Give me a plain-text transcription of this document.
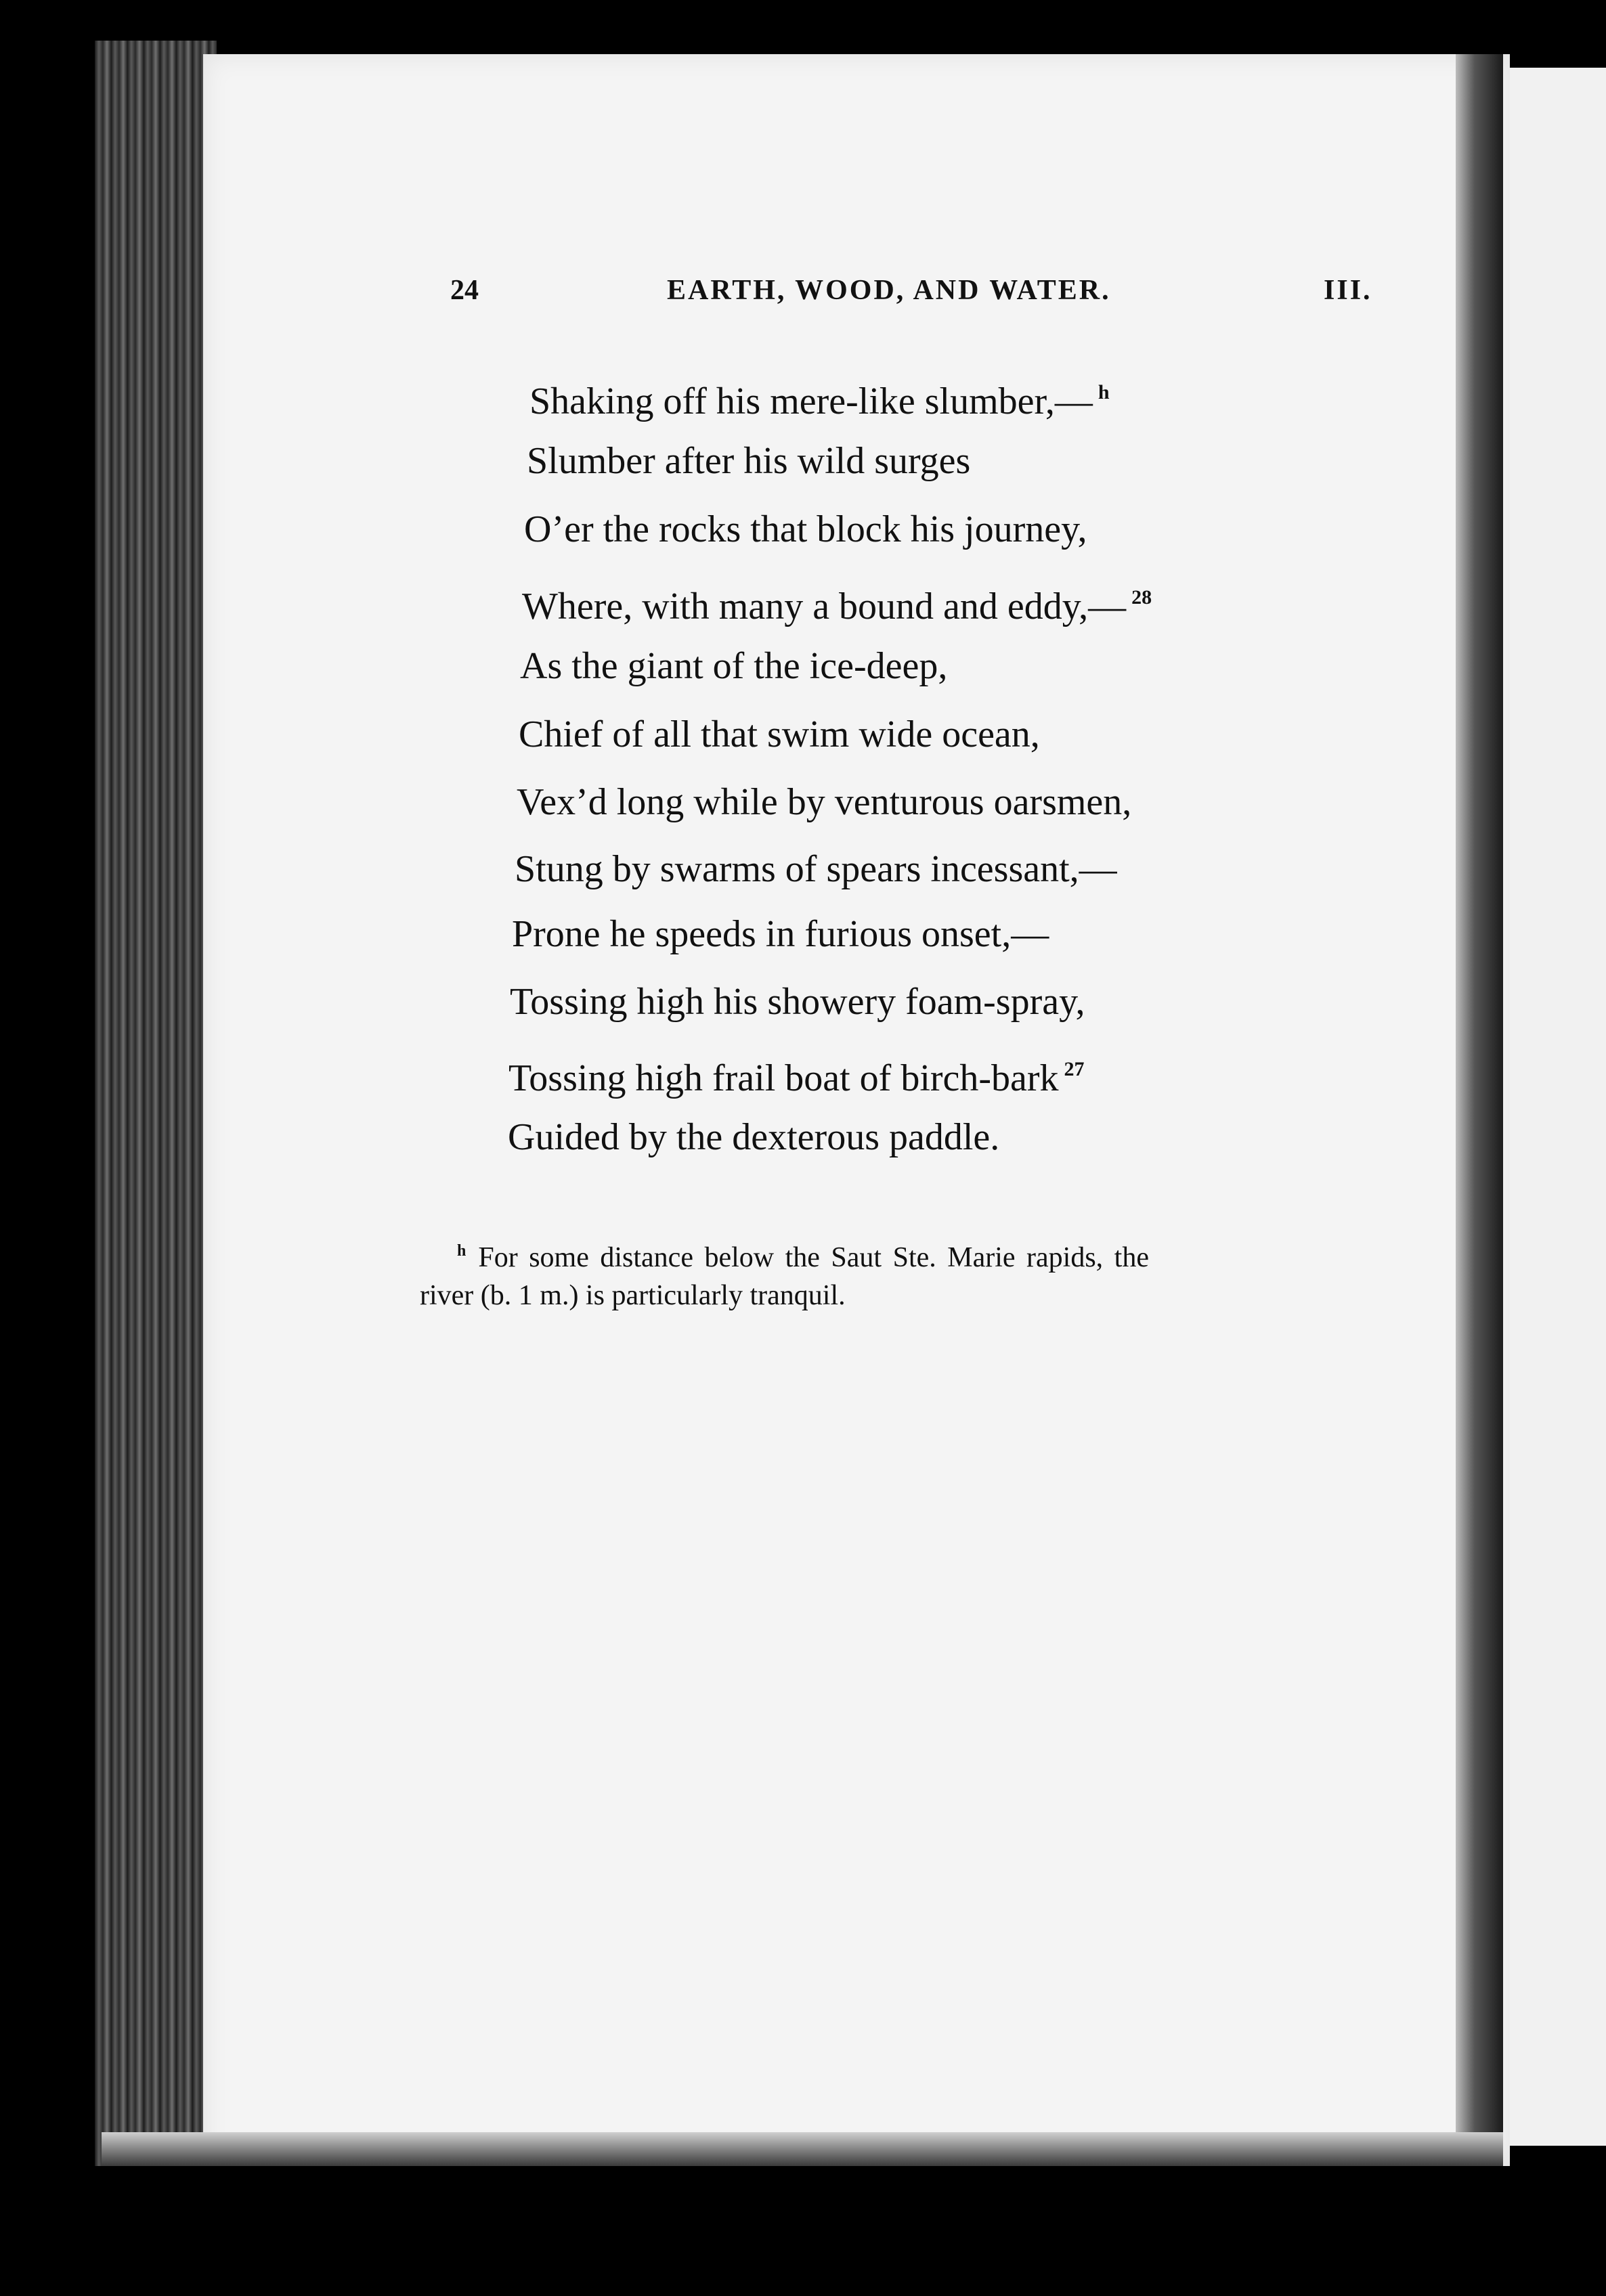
24	EARTH, WOOD, AND WATER.	III.
Shaking off his mere-like slumber,— $^h$
Slumber after his wild surges
O’er the rocks that block his journey,
Where, with many a bound and eddy,— $^{28}$
As the giant of the ice-deep,
Chief of all that swim wide ocean,
Vex’d long while by venturous oarsmen,
Stung by swarms of spears incessant,—
Prone he speeds in furious onset,—
Tossing high his showery foam-spray,
Tossing high frail boat of birch-bark $^{27}$
Guided by the dexterous paddle.
$^h$ For some distance below the Saut Ste. Marie rapids, the
river (b. 1 m.) is particularly tranquil.
